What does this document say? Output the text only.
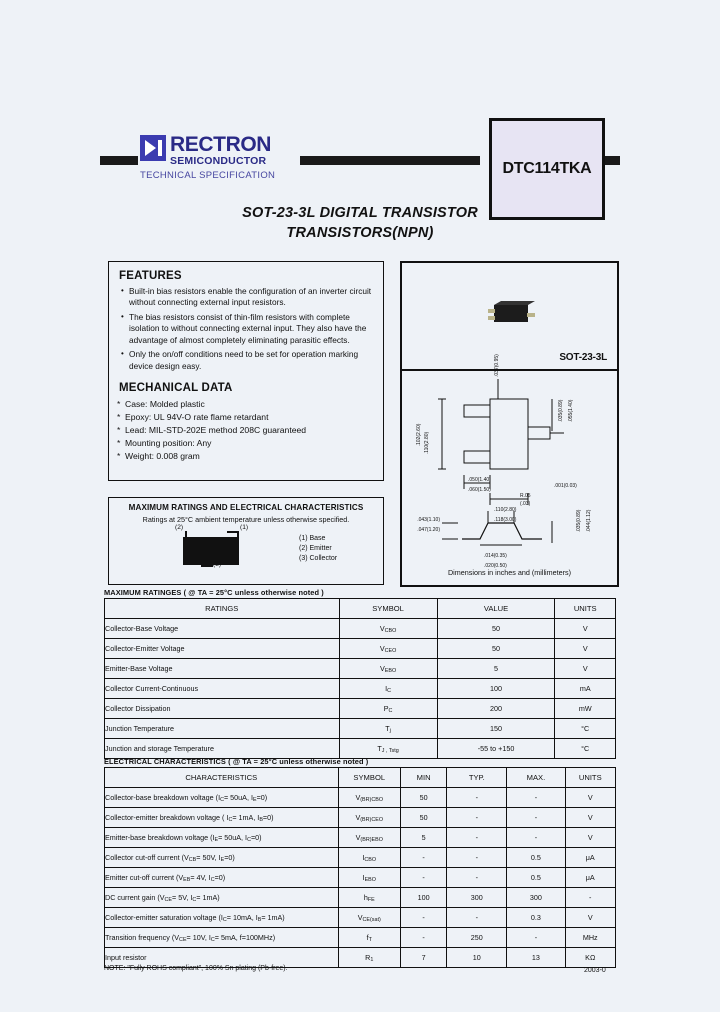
RECTRON
SEMICONDUCTOR
TECHNICAL SPECIFICATION	DTC114TKA
SOT-23-3L DIGITAL TRANSISTOR
TRANSISTORS(NPN)
FEATURES
• Built-in bias resistors enable the configuration of an inverter circuit without connecting external input resistors.
• The bias resistors consist of thin-film resistors with complete isolation to without connecting external input. They also have the advantage of almost completely eliminating parasitic effects.
• Only the on/off conditions need to be set for operation marking device design easy.
MECHANICAL DATA
* Case: Molded plastic
* Epoxy: UL 94V-O rate flame retardant
* Lead: MIL-STD-202E method 208C guaranteed
* Mounting position: Any
* Weight: 0.008 gram
MAXIMUM RATINGS AND ELECTRICAL CHARACTERISTICS
Ratings at 25°C ambient temperature unless otherwise specified.
(2)	(1)
(3)
(1) Base
(2) Emitter
(3) Collector
SOT-23-3L
.102(2.60) .110(2.80)
.037(0.95)
.035(0.89) .055(1.40)
.050(1.40)
.060(1.50)
.001(0.03)
.110(2.80)
.118(3.00)
.043(1.10)
.047(1.20)
.014(0.35)
.020(0.50)
R.05
(.03)
.035(0.89) .044(1.12)
Dimensions in inches and (millimeters)
MAXIMUM RATINGES ( @ TA = 25°C unless otherwise noted )
RATINGS	SYMBOL	VALUE	UNITS
Collector-Base Voltage	VCBO	50	V
Collector-Emitter Voltage	VCEO	50	V
Emitter-Base Voltage	VEBO	5	V
Collector Current-Continuous	IC	100	mA
Collector Dissipation	PC	200	mW
Junction Temperature	Tj	150	°C
Junction and storage Temperature	TJ , Tstg	-55 to +150	°C
ELECTRICAL CHARACTERISTICS ( @ TA = 25°C unless otherwise noted )
CHARACTERISTICS	SYMBOL	MIN	TYP.	MAX.	UNITS
Collector-base breakdown voltage (IC= 50uA, IE=0)	V(BR)CBO	50	-	-	V
Collector-emitter breakdown voltage ( IC= 1mA, IB=0)	V(BR)CEO	50	-	-	V
Emitter-base breakdown voltage (IE= 50uA, IC=0)	V(BR)EBO	5	-	-	V
Collector cut-off current (VCB= 50V, IE=0)	ICBO	-	-	0.5	μA
Emitter cut-off current (VEB= 4V, IC=0)	IEBO	-	-	0.5	μA
DC current gain (VCE= 5V, IC= 1mA)	hFE	100	300	300	-
Collector-emitter saturation voltage (IC= 10mA, IB= 1mA)	VCE(sat)	-	-	0.3	V
Transition frequency (VCE= 10V, IC= 5mA, f=100MHz)	fT	-	250	-	MHz
Input resistor	R1	7	10	13	KΩ
NOTE: "Fully ROHS compliant", 100% Sn plating (Pb-free).	2003-0
